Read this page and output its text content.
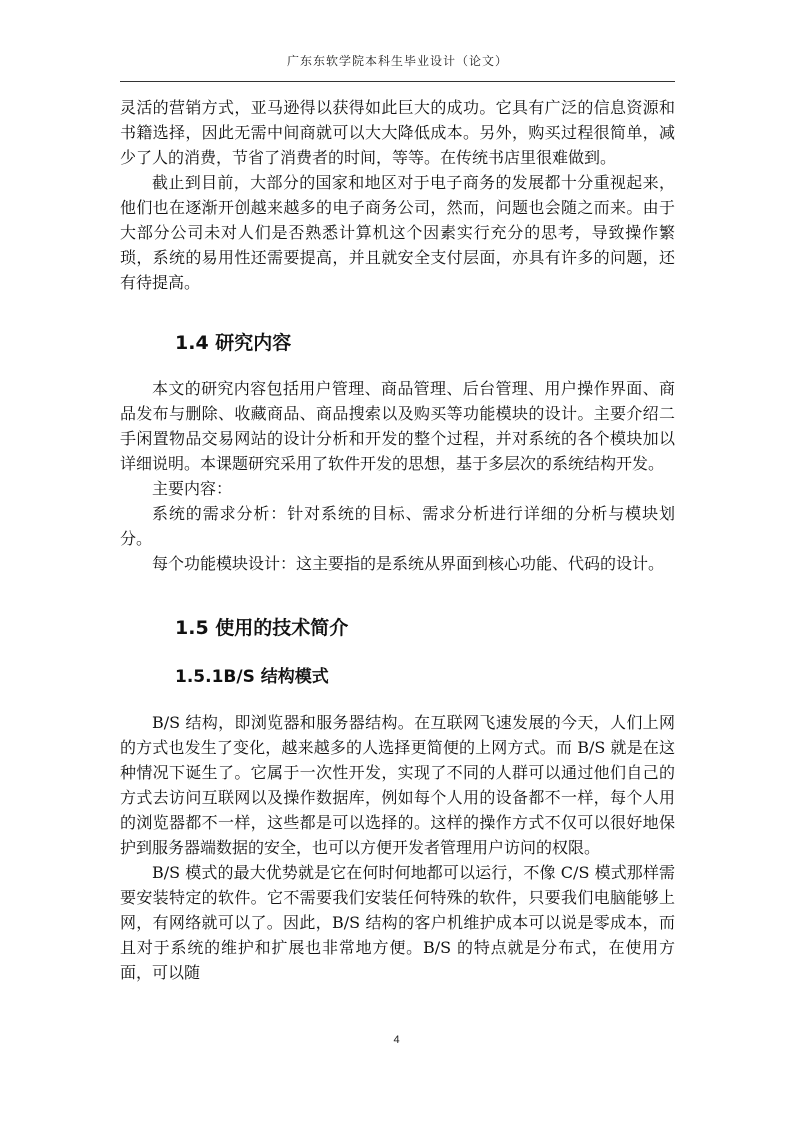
广东东软学院本科生毕业设计（论文）

灵活的营销方式，亚马逊得以获得如此巨大的成功。它具有广泛的信息资源和书籍选择，因此无需中间商就可以大大降低成本。另外，购买过程很简单，减少了人的消费，节省了消费者的时间，等等。在传统书店里很难做到。

截止到目前，大部分的国家和地区对于电子商务的发展都十分重视起来，他们也在逐渐开创越来越多的电子商务公司，然而，问题也会随之而来。由于大部分公司未对人们是否熟悉计算机这个因素实行充分的思考，导致操作繁琐，系统的易用性还需要提高，并且就安全支付层面，亦具有许多的问题，还有待提高。

1.4 研究内容

本文的研究内容包括用户管理、商品管理、后台管理、用户操作界面、商品发布与删除、收藏商品、商品搜索以及购买等功能模块的设计。主要介绍二手闲置物品交易网站的设计分析和开发的整个过程，并对系统的各个模块加以详细说明。本课题研究采用了软件开发的思想，基于多层次的系统结构开发。

主要内容：

系统的需求分析：针对系统的目标、需求分析进行详细的分析与模块划分。

每个功能模块设计：这主要指的是系统从界面到核心功能、代码的设计。

1.5 使用的技术简介
1.5.1B/S 结构模式

B/S 结构，即浏览器和服务器结构。在互联网飞速发展的今天，人们上网的方式也发生了变化，越来越多的人选择更简便的上网方式。而 B/S 就是在这种情况下诞生了。它属于一次性开发，实现了不同的人群可以通过他们自己的方式去访问互联网以及操作数据库，例如每个人用的设备都不一样，每个人用的浏览器都不一样，这些都是可以选择的。这样的操作方式不仅可以很好地保护到服务器端数据的安全，也可以方便开发者管理用户访问的权限。

B/S 模式的最大优势就是它在何时何地都可以运行，不像 C/S 模式那样需要安装特定的软件。它不需要我们安装任何特殊的软件，只要我们电脑能够上网，有网络就可以了。因此，B/S 结构的客户机维护成本可以说是零成本，而且对于系统的维护和扩展也非常地方便。B/S 的特点就是分布式，在使用方面，可以随

4
